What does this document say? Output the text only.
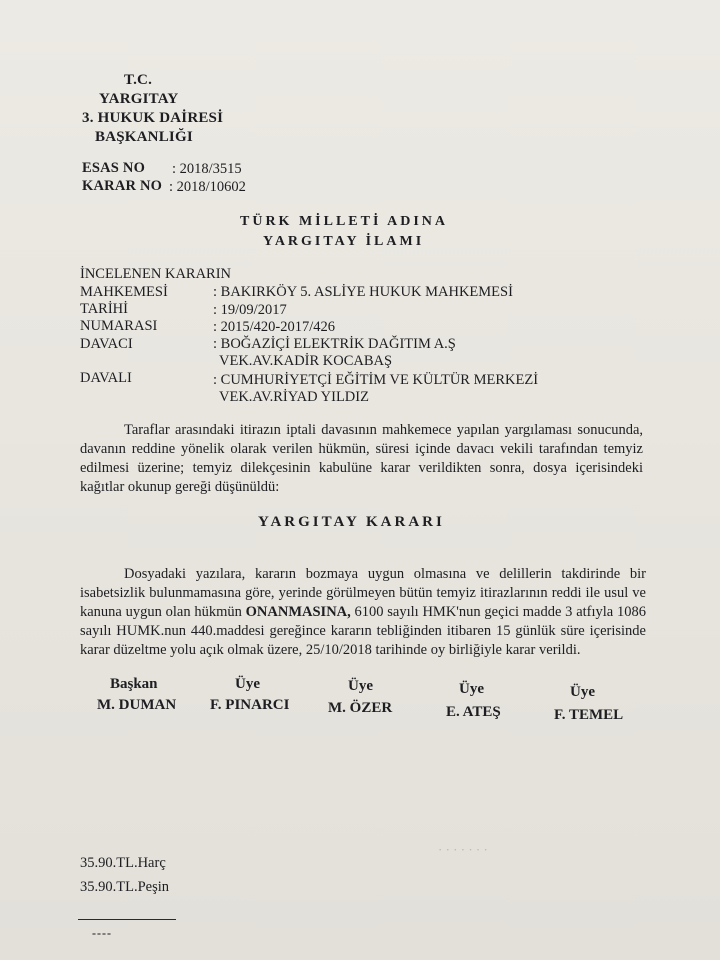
T.C.
YARGITAY
3. HUKUK DAİRESİ
BAŞKANLIĞI
ESAS NO : 2018/3515
KARAR NO : 2018/10602
TÜRK MİLLETİ ADINA
YARGITAY İLAMI
İNCELENEN KARARIN
MAHKEMESİ	: BAKIRKÖY 5. ASLİYE HUKUK MAHKEMESİ
TARİHİ	: 19/09/2017
NUMARASI	: 2015/420-2017/426
DAVACI	: BOĞAZİÇİ ELEKTRİK DAĞITIM A.Ş
VEK.AV.KADİR KOCABAŞ
DAVALI	: CUMHURİYETÇİ EĞİTİM VE KÜLTÜR MERKEZİ
VEK.AV.RİYAD YILDIZ
Taraflar arasındaki itirazın iptali davasının mahkemece yapılan yargılaması sonucunda, davanın reddine yönelik olarak verilen hükmün, süresi içinde davacı vekili tarafından temyiz edilmesi üzerine; temyiz dilekçesinin kabulüne karar verildikten sonra, dosya içerisindeki kağıtlar okunup gereği düşünüldü:
YARGITAY KARARI
Dosyadaki yazılara, kararın bozmaya uygun olmasına ve delillerin takdirinde bir isabetsizlik bulunmamasına göre, yerinde görülmeyen bütün temyiz itirazlarının reddi ile usul ve kanuna uygun olan hükmün ONANMASINA, 6100 sayılı HMK'nun geçici madde 3 atfıyla 1086 sayılı HUMK.nun 440.maddesi gereğince kararın tebliğinden itibaren 15 günlük süre içerisinde karar düzeltme yolu açık olmak üzere, 25/10/2018 tarihinde oy birliğiyle karar verildi.
Başkan
M. DUMAN
Üye
F. PINARCI
Üye
M. ÖZER
Üye
E. ATEŞ
Üye
F. TEMEL
· · · · · · ·
35.90.TL.Harç
35.90.TL.Peşin
----
